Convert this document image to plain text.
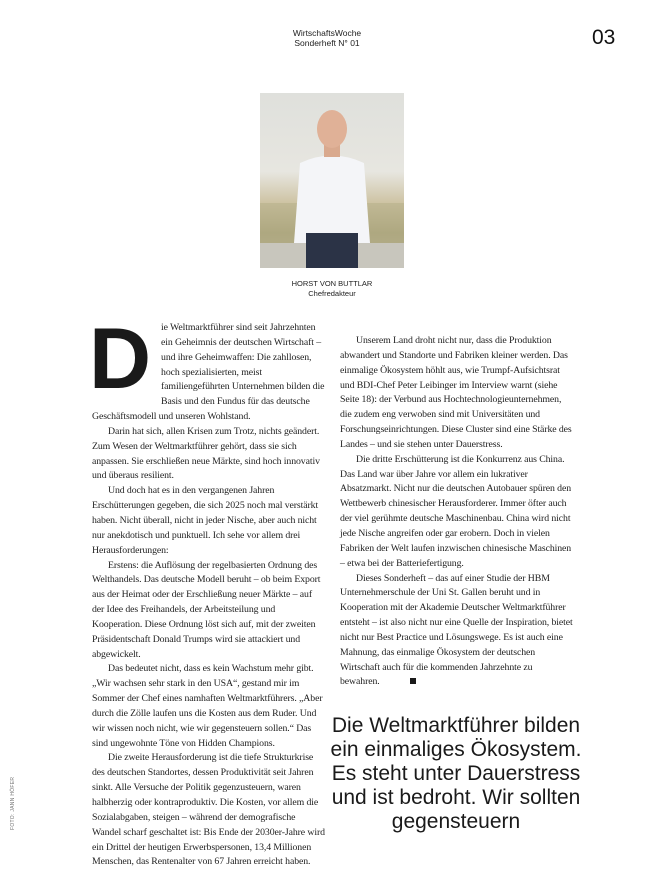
WirtschaftsWoche
Sonderheft N° 01	03
HORST VON BUTTLAR
Chefredakteur
D	ie Weltmarktführer sind seit Jahrzehnten ein Geheimnis der deutschen Wirtschaft – und ihre Geheimwaffen: Die zahllosen, hoch spezialisierten, meist familiengeführten Unternehmen bilden die Basis und den Fundus für das deutsche Geschäftsmodell und unseren Wohlstand.

Darin hat sich, allen Krisen zum Trotz, nichts geändert. Zum Wesen der Weltmarktführer gehört, dass sie sich anpassen. Sie erschließen neue Märkte, sind hoch innovativ und überaus resilient.

Und doch hat es in den vergangenen Jahren Erschütterungen gegeben, die sich 2025 noch mal verstärkt haben. Nicht überall, nicht in jeder Nische, aber auch nicht nur anekdotisch und punktuell. Ich sehe vor allem drei Herausforderungen:

Erstens: die Auflösung der regelbasierten Ordnung des Welthandels. Das deutsche Modell beruht – ob beim Export aus der Heimat oder der Erschließung neuer Märkte – auf der Idee des Freihandels, der Arbeitsteilung und Kooperation. Diese Ordnung löst sich auf, mit der zweiten Präsidentschaft Donald Trumps wird sie attackiert und abgewickelt.

Das bedeutet nicht, dass es kein Wachstum mehr gibt. „Wir wachsen sehr stark in den USA“, gestand mir im Sommer der Chef eines namhaften Weltmarktführers. „Aber durch die Zölle laufen uns die Kosten aus dem Ruder. Und wir wissen noch nicht, wie wir gegensteuern sollen.“ Das sind ungewohnte Töne von Hidden Champions.

Die zweite Herausforderung ist die tiefe Strukturkrise des deutschen Standortes, dessen Produktivität seit Jahren sinkt. Alle Versuche der Politik gegenzusteuern, waren halbherzig oder kontraproduktiv. Die Kosten, vor allem die Sozialabgaben, steigen – während der demografische Wandel scharf geschaltet ist: Bis Ende der 2030er-Jahre wird ein Drittel der heutigen Erwerbspersonen, 13,4 Millionen Menschen, das Rentenalter von 67 Jahren erreicht haben.

Unserem Land droht nicht nur, dass die Produktion abwandert und Standorte und Fabriken kleiner werden. Das einmalige Ökosystem höhlt aus, wie Trumpf-Aufsichtsrat und BDI-Chef Peter Leibinger im Interview warnt (siehe Seite 18): der Verbund aus Hochtechnologieunternehmen, die zudem eng verwoben sind mit Universitäten und Forschungseinrichtungen. Diese Cluster sind eine Stärke des Landes – und sie stehen unter Dauerstress.

Die dritte Erschütterung ist die Konkurrenz aus China. Das Land war über Jahre vor allem ein lukrativer Absatzmarkt. Nicht nur die deutschen Autobauer spüren den Wettbewerb chinesischer Herausforderer. Immer öfter auch der viel gerühmte deutsche Maschinenbau. China wird nicht jede Nische angreifen oder gar erobern. Doch in vielen Fabriken der Welt laufen inzwischen chinesische Maschinen – etwa bei der Batteriefertigung.

Dieses Sonderheft – das auf einer Studie der HBM Unternehmerschule der Uni St. Gallen beruht und in Kooperation mit der Akademie Deutscher Weltmarktführer entsteht – ist also nicht nur eine Quelle der Inspiration, bietet nicht nur Best Practice und Lösungswege. Es ist auch eine Mahnung, das einmalige Ökosystem der deutschen Wirtschaft auch für die kommenden Jahrzehnte zu bewahren.

Die Weltmarktführer bilden ein einmaliges Ökosystem. Es steht unter Dauerstress und ist bedroht. Wir sollten gegensteuern
FOTO: JANN HÖFER
